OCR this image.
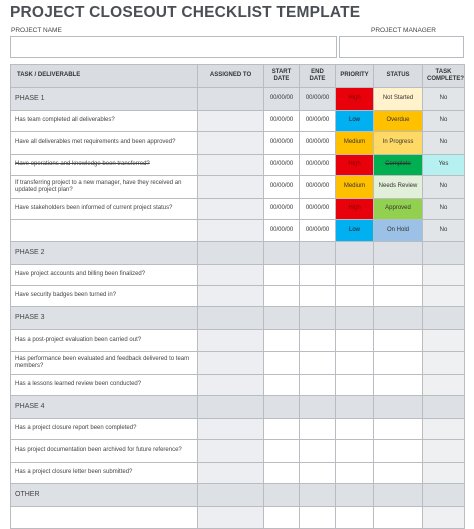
PROJECT CLOSEOUT CHECKLIST TEMPLATE
PROJECT NAME	PROJECT MANAGER
TASK / DELIVERABLE	ASSIGNED TO	START DATE	END DATE	PRIORITY	STATUS	TASK COMPLETE?
PHASE 1		00/00/00	00/00/00	High	Not Started	No
Has team completed all deliverables?		00/00/00	00/00/00	Low	Overdue	No
Have all deliverables met requirements and been approved?		00/00/00	00/00/00	Medium	In Progress	No
Have operations and knowledge been transferred?		00/00/00	00/00/00	High	Complete	Yes
If transferring project to a new manager, have they received an updated project plan?		00/00/00	00/00/00	Medium	Needs Review	No
Have stakeholders been informed of current project status?		00/00/00	00/00/00	High	Approved	No
		00/00/00	00/00/00	Low	On Hold	No
PHASE 2						
Have project accounts and billing been finalized?						
Have security badges been turned in?						
PHASE 3						
Has a post-project evaluation been carried out?						
Has performance been evaluated and feedback delivered to team members?						
Has a lessons learned review been conducted?						
PHASE 4						
Has a project closure report been completed?						
Has project documentation been archived for future reference?						
Has a project closure letter been submitted?						
OTHER						
